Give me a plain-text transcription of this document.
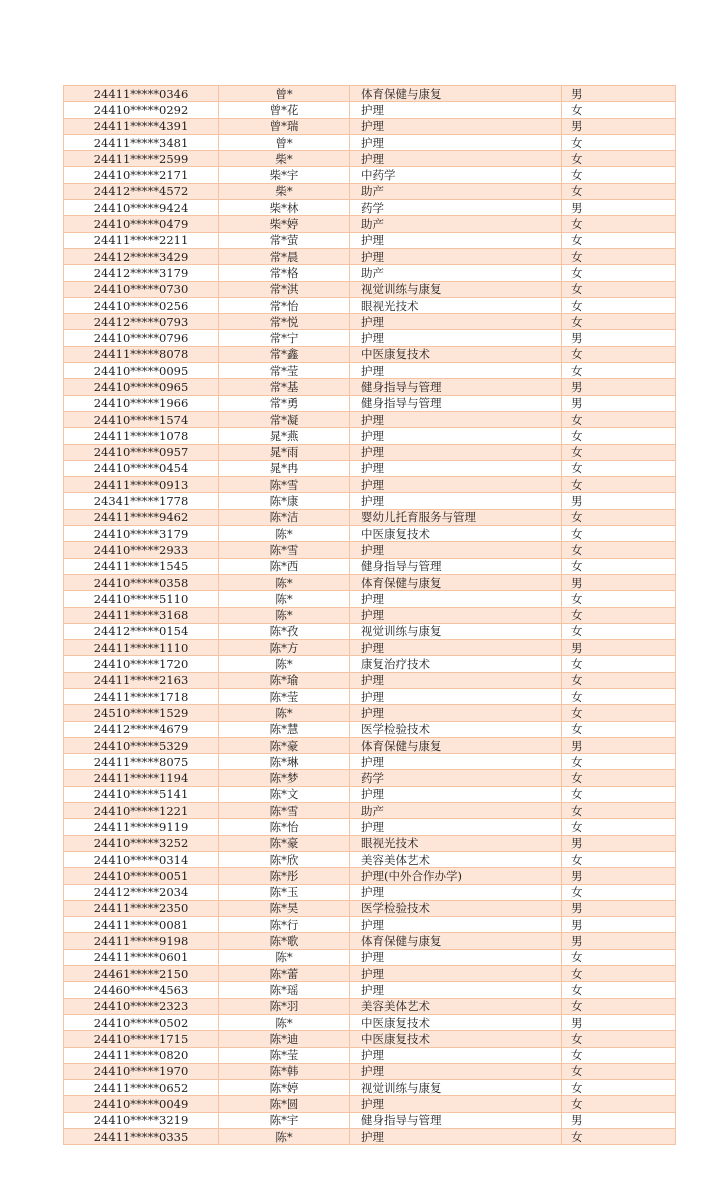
24411*****0346	曾*	体育保健与康复	男
24410*****0292	曾*花	护理	女
24411*****4391	曾*瑞	护理	男
24411*****3481	曾*	护理	女
24411*****2599	柴*	护理	女
24410*****2171	柴*宇	中药学	女
24412*****4572	柴*	助产	女
24410*****9424	柴*林	药学	男
24410*****0479	柴*婷	助产	女
24411*****2211	常*萤	护理	女
24412*****3429	常*晨	护理	女
24412*****3179	常*格	助产	女
24410*****0730	常*淇	视觉训练与康复	女
24410*****0256	常*怡	眼视光技术	女
24412*****0793	常*悦	护理	女
24410*****0796	常*宁	护理	男
24411*****8078	常*鑫	中医康复技术	女
24410*****0095	常*莹	护理	女
24410*****0965	常*基	健身指导与管理	男
24410*****1966	常*勇	健身指导与管理	男
24410*****1574	常*凝	护理	女
24411*****1078	晁*燕	护理	女
24410*****0957	晁*雨	护理	女
24410*****0454	晁*冉	护理	女
24411*****0913	陈*雪	护理	女
24341*****1778	陈*康	护理	男
24411*****9462	陈*洁	婴幼儿托育服务与管理	女
24410*****3179	陈*	中医康复技术	女
24410*****2933	陈*雪	护理	女
24411*****1545	陈*西	健身指导与管理	女
24410*****0358	陈*	体育保健与康复	男
24410*****5110	陈*	护理	女
24411*****3168	陈*	护理	女
24412*****0154	陈*孜	视觉训练与康复	女
24411*****1110	陈*方	护理	男
24410*****1720	陈*	康复治疗技术	女
24411*****2163	陈*瑜	护理	女
24411*****1718	陈*莹	护理	女
24510*****1529	陈*	护理	女
24412*****4679	陈*慧	医学检验技术	女
24410*****5329	陈*豪	体育保健与康复	男
24411*****8075	陈*琳	护理	女
24411*****1194	陈*梦	药学	女
24410*****5141	陈*文	护理	女
24410*****1221	陈*雪	助产	女
24411*****9119	陈*怡	护理	女
24410*****3252	陈*豪	眼视光技术	男
24410*****0314	陈*欣	美容美体艺术	女
24410*****0051	陈*彤	护理(中外合作办学)	男
24412*****2034	陈*玉	护理	女
24411*****2350	陈*昊	医学检验技术	男
24411*****0081	陈*行	护理	男
24411*****9198	陈*歌	体育保健与康复	男
24411*****0601	陈*	护理	女
24461*****2150	陈*蕾	护理	女
24460*****4563	陈*瑶	护理	女
24410*****2323	陈*羽	美容美体艺术	女
24410*****0502	陈*	中医康复技术	男
24410*****1715	陈*迪	中医康复技术	女
24411*****0820	陈*莹	护理	女
24410*****1970	陈*韩	护理	女
24411*****0652	陈*婷	视觉训练与康复	女
24410*****0049	陈*圆	护理	女
24410*****3219	陈*宇	健身指导与管理	男
24411*****0335	陈*	护理	女
